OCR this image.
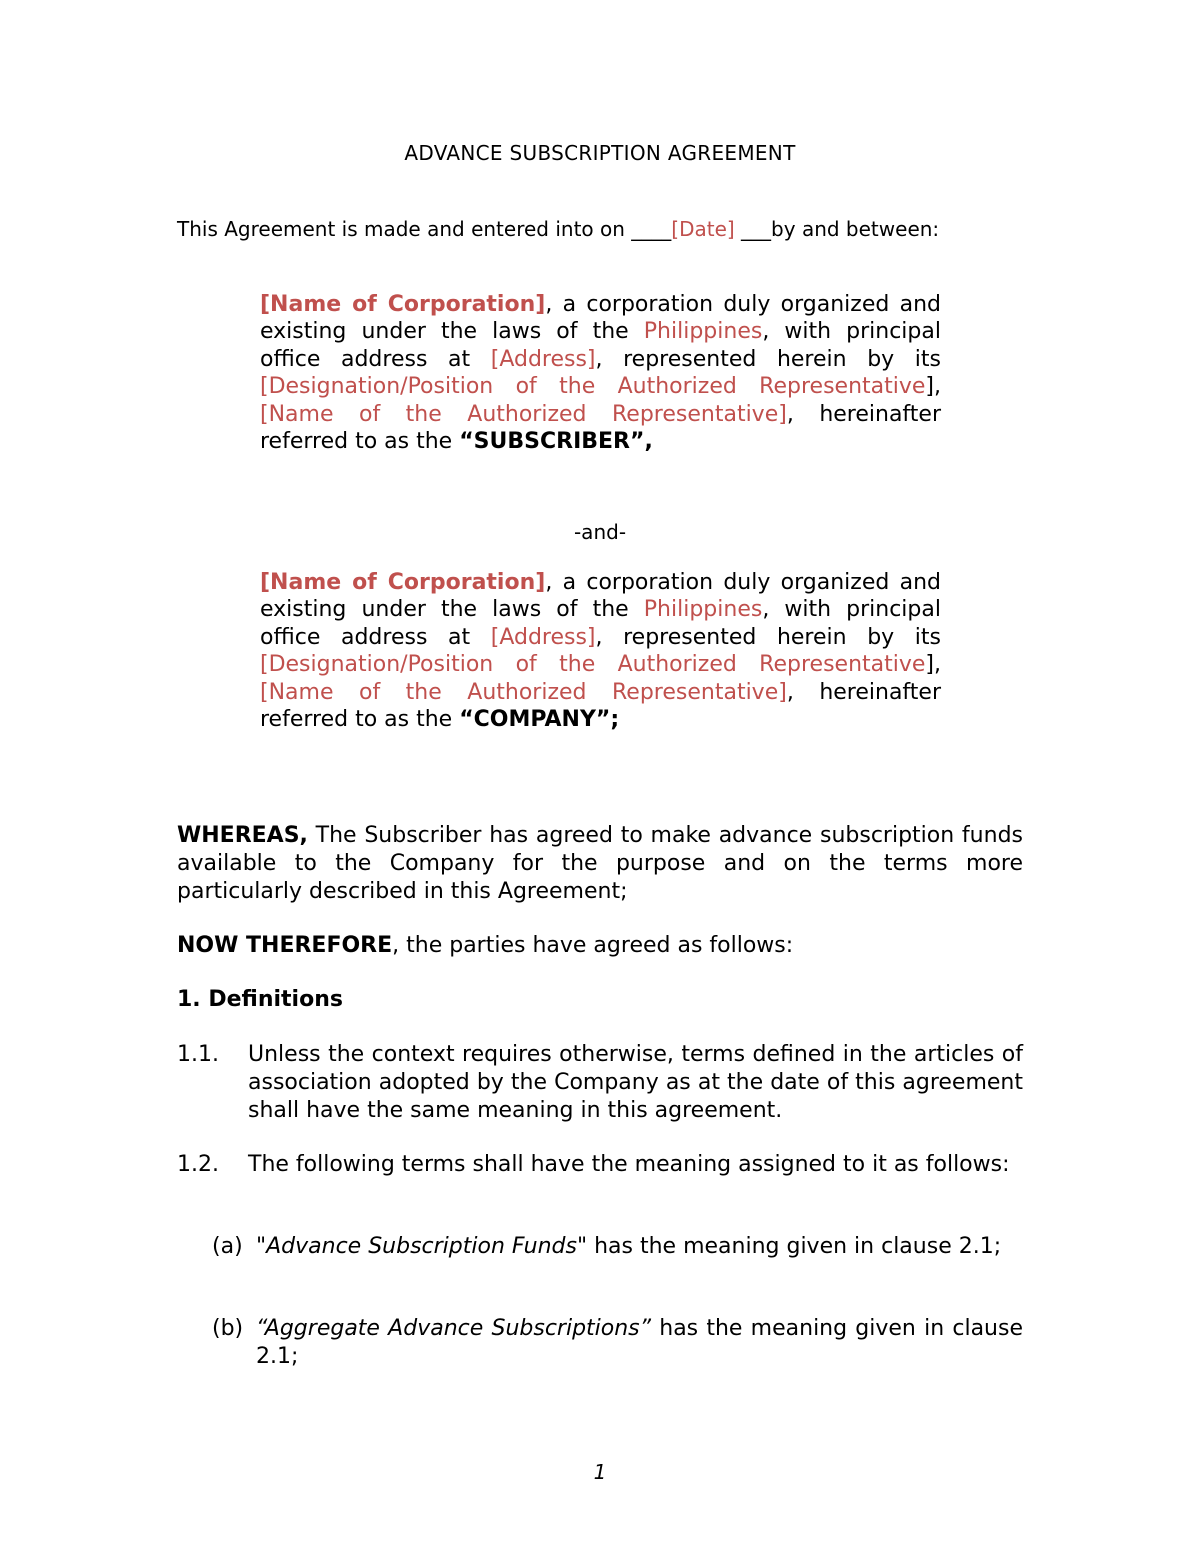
ADVANCE SUBSCRIPTION AGREEMENT
This Agreement is made and entered into on ____[Date] ___by and between:
[Name of Corporation], a corporation duly organized and existing under the laws of the Philippines, with principal office address at [Address], represented herein by its [Designation/Position of the Authorized Representative], [Name of the Authorized Representative], hereinafter referred to as the “SUBSCRIBER”,
-and-
[Name of Corporation], a corporation duly organized and existing under the laws of the Philippines, with principal office address at [Address], represented herein by its [Designation/Position of the Authorized Representative], [Name of the Authorized Representative], hereinafter referred to as the “COMPANY”;
WHEREAS, The Subscriber has agreed to make advance subscription funds available to the Company for the purpose and on the terms more particularly described in this Agreement;
NOW THEREFORE, the parties have agreed as follows:
1. Definitions
1.1. Unless the context requires otherwise, terms defined in the articles of association adopted by the Company as at the date of this agreement shall have the same meaning in this agreement.
1.2. The following terms shall have the meaning assigned to it as follows:
(a) "Advance Subscription Funds" has the meaning given in clause 2.1;
(b) “Aggregate Advance Subscriptions” has the meaning given in clause 2.1;
1
